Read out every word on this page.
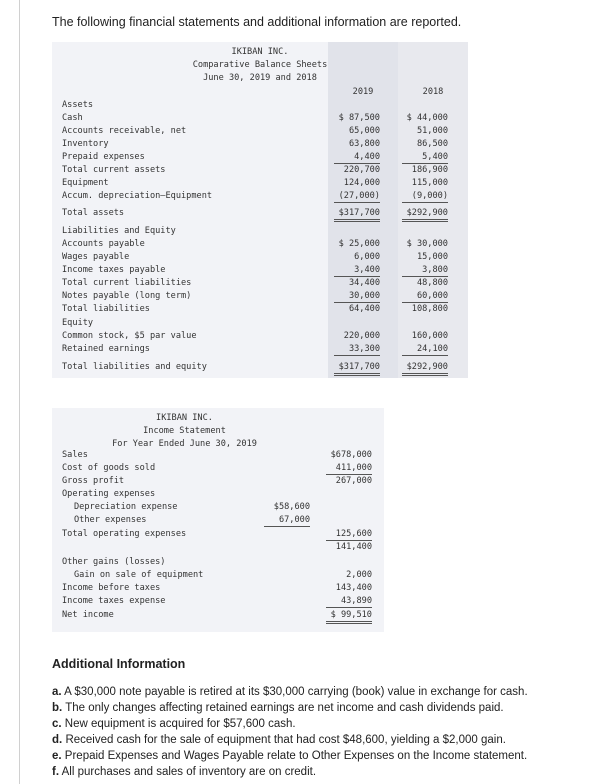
The following financial statements and additional information are reported.
IKIBAN INC.
Comparative Balance Sheets
June 30, 2019 and 2018
2019	2018
Assets
Cash	$ 87,500	$ 44,000
Accounts receivable, net	65,000	51,000
Inventory	63,800	86,500
Prepaid expenses	4,400	5,400
Total current assets	220,700	186,900
Equipment	124,000	115,000
Accum. depreciation—Equipment	(27,000)	(9,000)
Total assets	$317,700	$292,900
Liabilities and Equity
Accounts payable	$ 25,000	$ 30,000
Wages payable	6,000	15,000
Income taxes payable	3,400	3,800
Total current liabilities	34,400	48,800
Notes payable (long term)	30,000	60,000
Total liabilities	64,400	108,800
Equity
Common stock, $5 par value	220,000	160,000
Retained earnings	33,300	24,100
Total liabilities and equity	$317,700	$292,900
IKIBAN INC.
Income Statement
For Year Ended June 30, 2019
Sales	$678,000
Cost of goods sold	411,000
Gross profit	267,000
Operating expenses
Depreciation expense	$58,600
Other expenses	67,000
Total operating expenses	125,600
141,400
Other gains (losses)
Gain on sale of equipment	2,000
Income before taxes	143,400
Income taxes expense	43,890
Net income	$ 99,510
Additional Information
a. A $30,000 note payable is retired at its $30,000 carrying (book) value in exchange for cash.
b. The only changes affecting retained earnings are net income and cash dividends paid.
c. New equipment is acquired for $57,600 cash.
d. Received cash for the sale of equipment that had cost $48,600, yielding a $2,000 gain.
e. Prepaid Expenses and Wages Payable relate to Other Expenses on the Income statement.
f. All purchases and sales of inventory are on credit.
